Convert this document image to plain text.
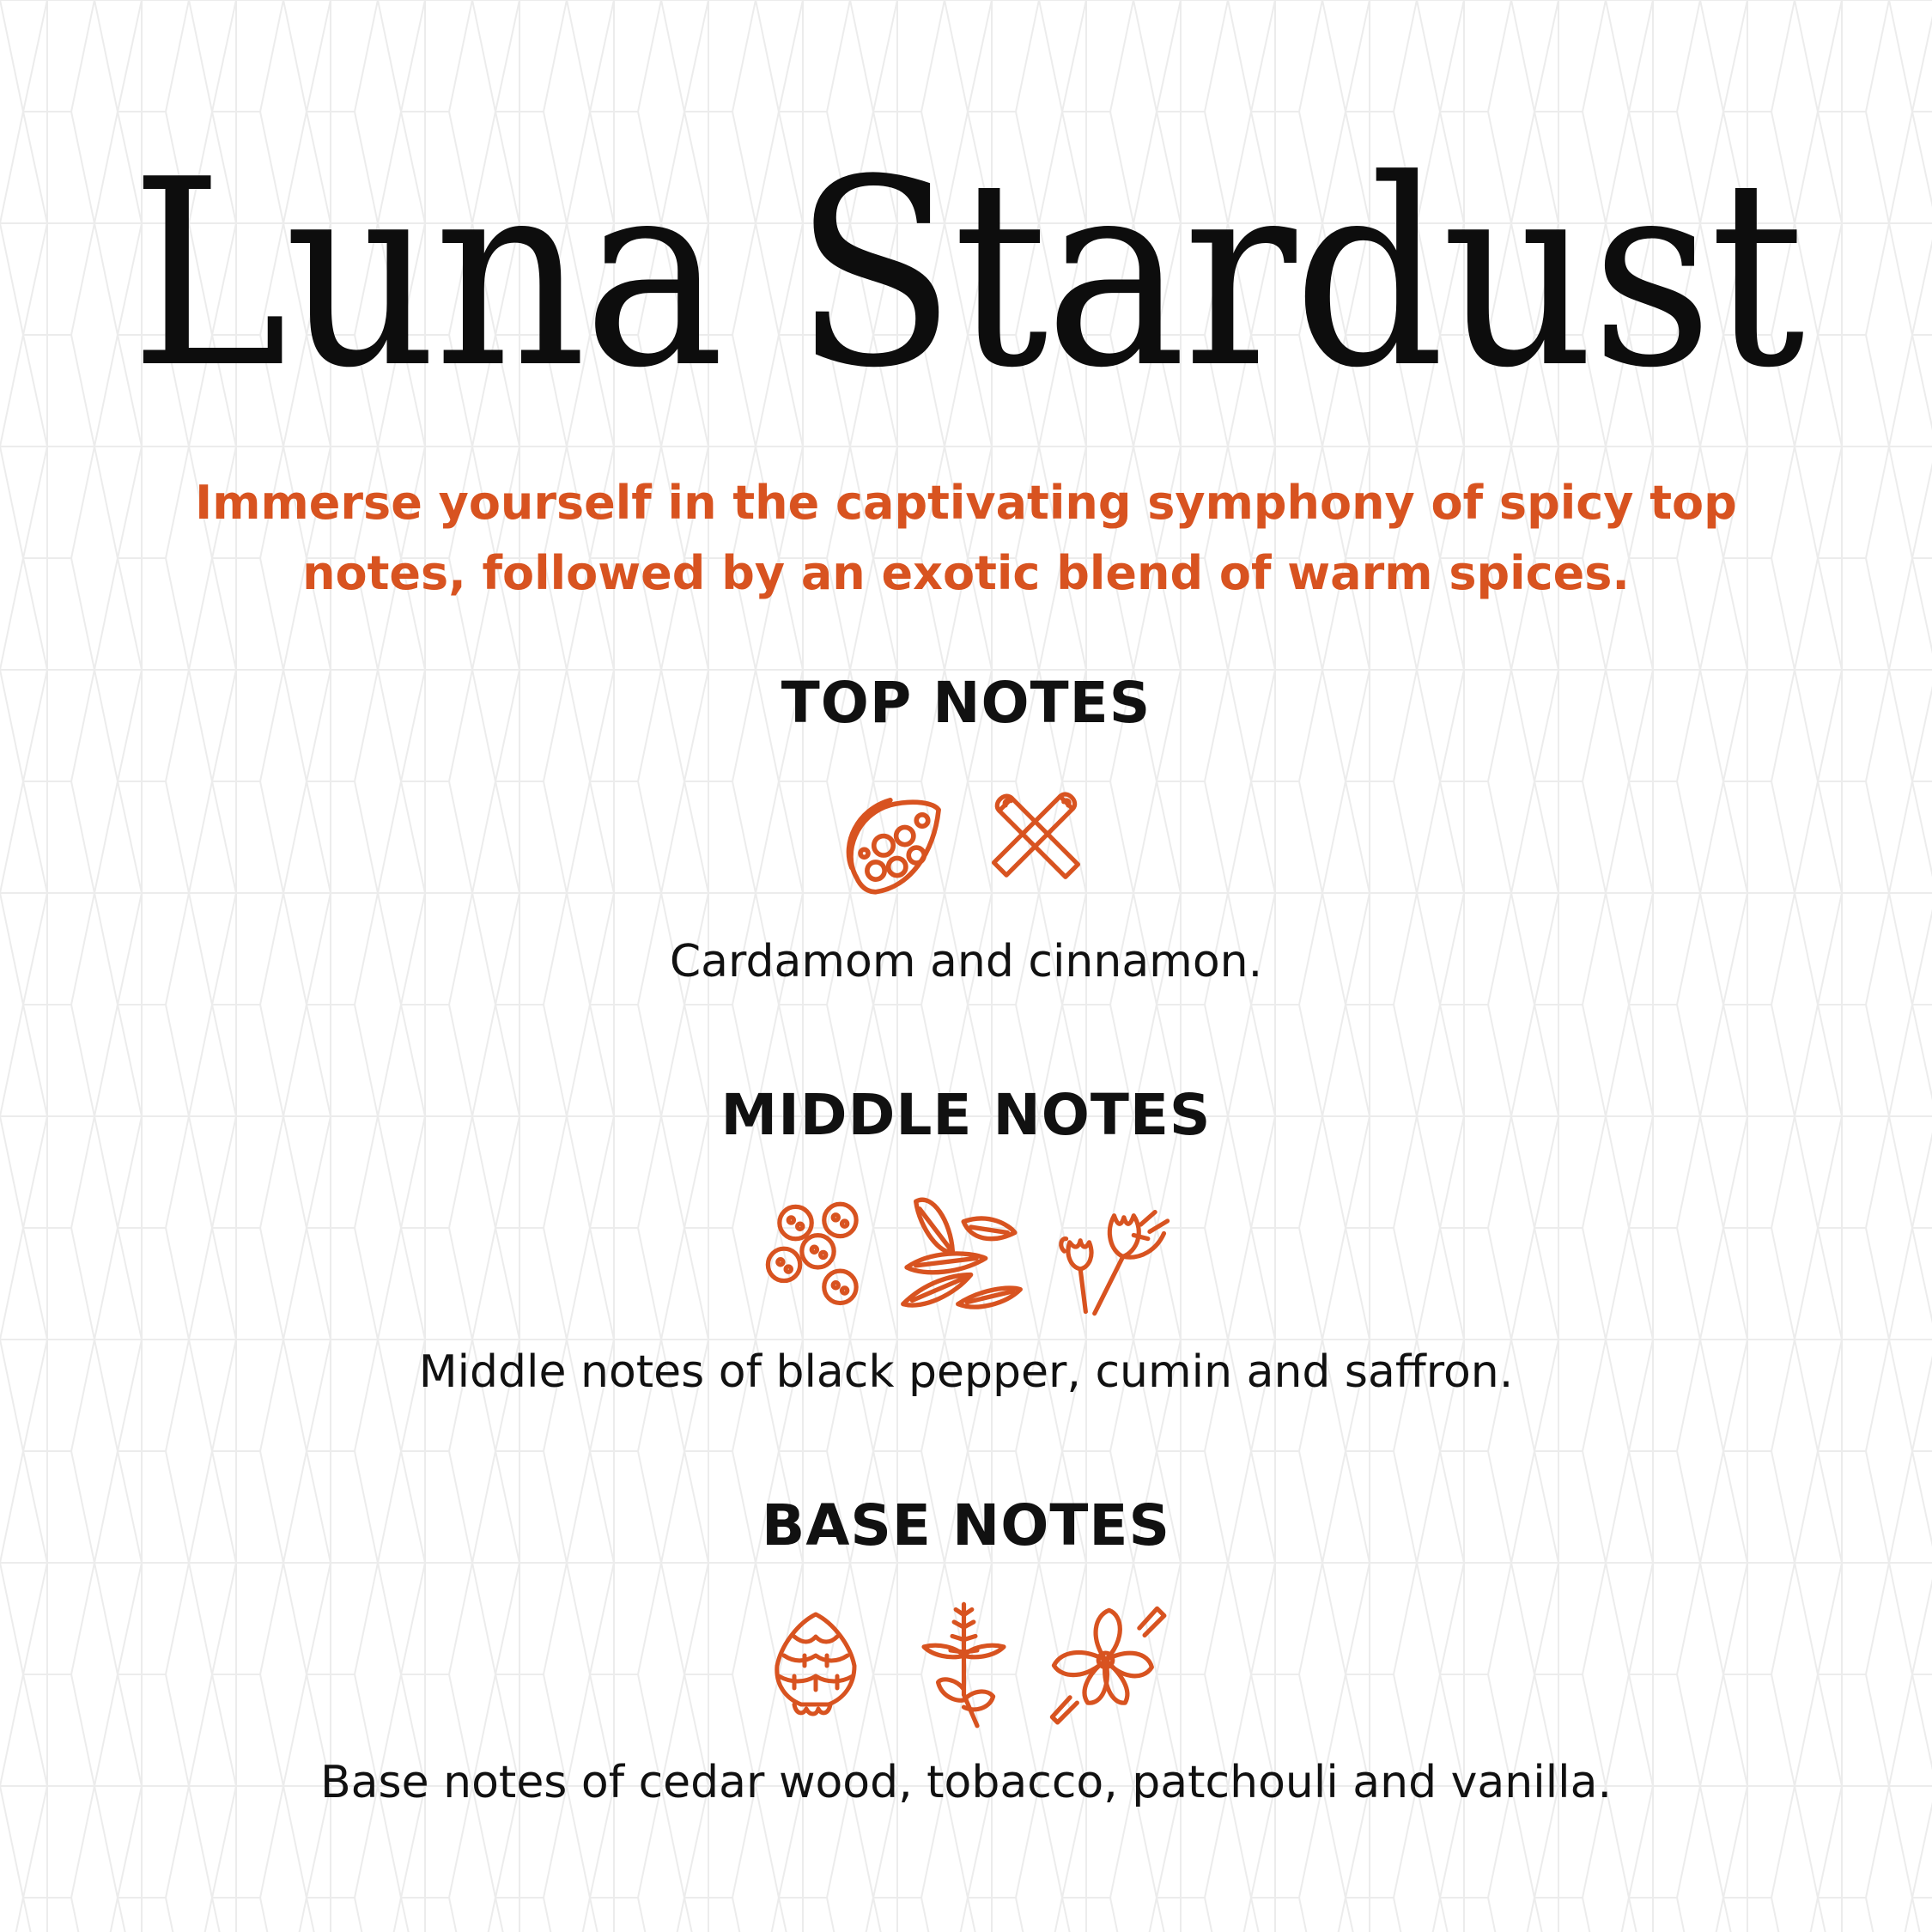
Luna Stardust
Immerse yourself in the captivating symphony of spicy top notes, followed by an exotic blend of warm spices.
TOP NOTES
Cardamom and cinnamon.
MIDDLE NOTES
Middle notes of black pepper, cumin and saffron.
BASE NOTES
Base notes of cedar wood, tobacco, patchouli and vanilla.
